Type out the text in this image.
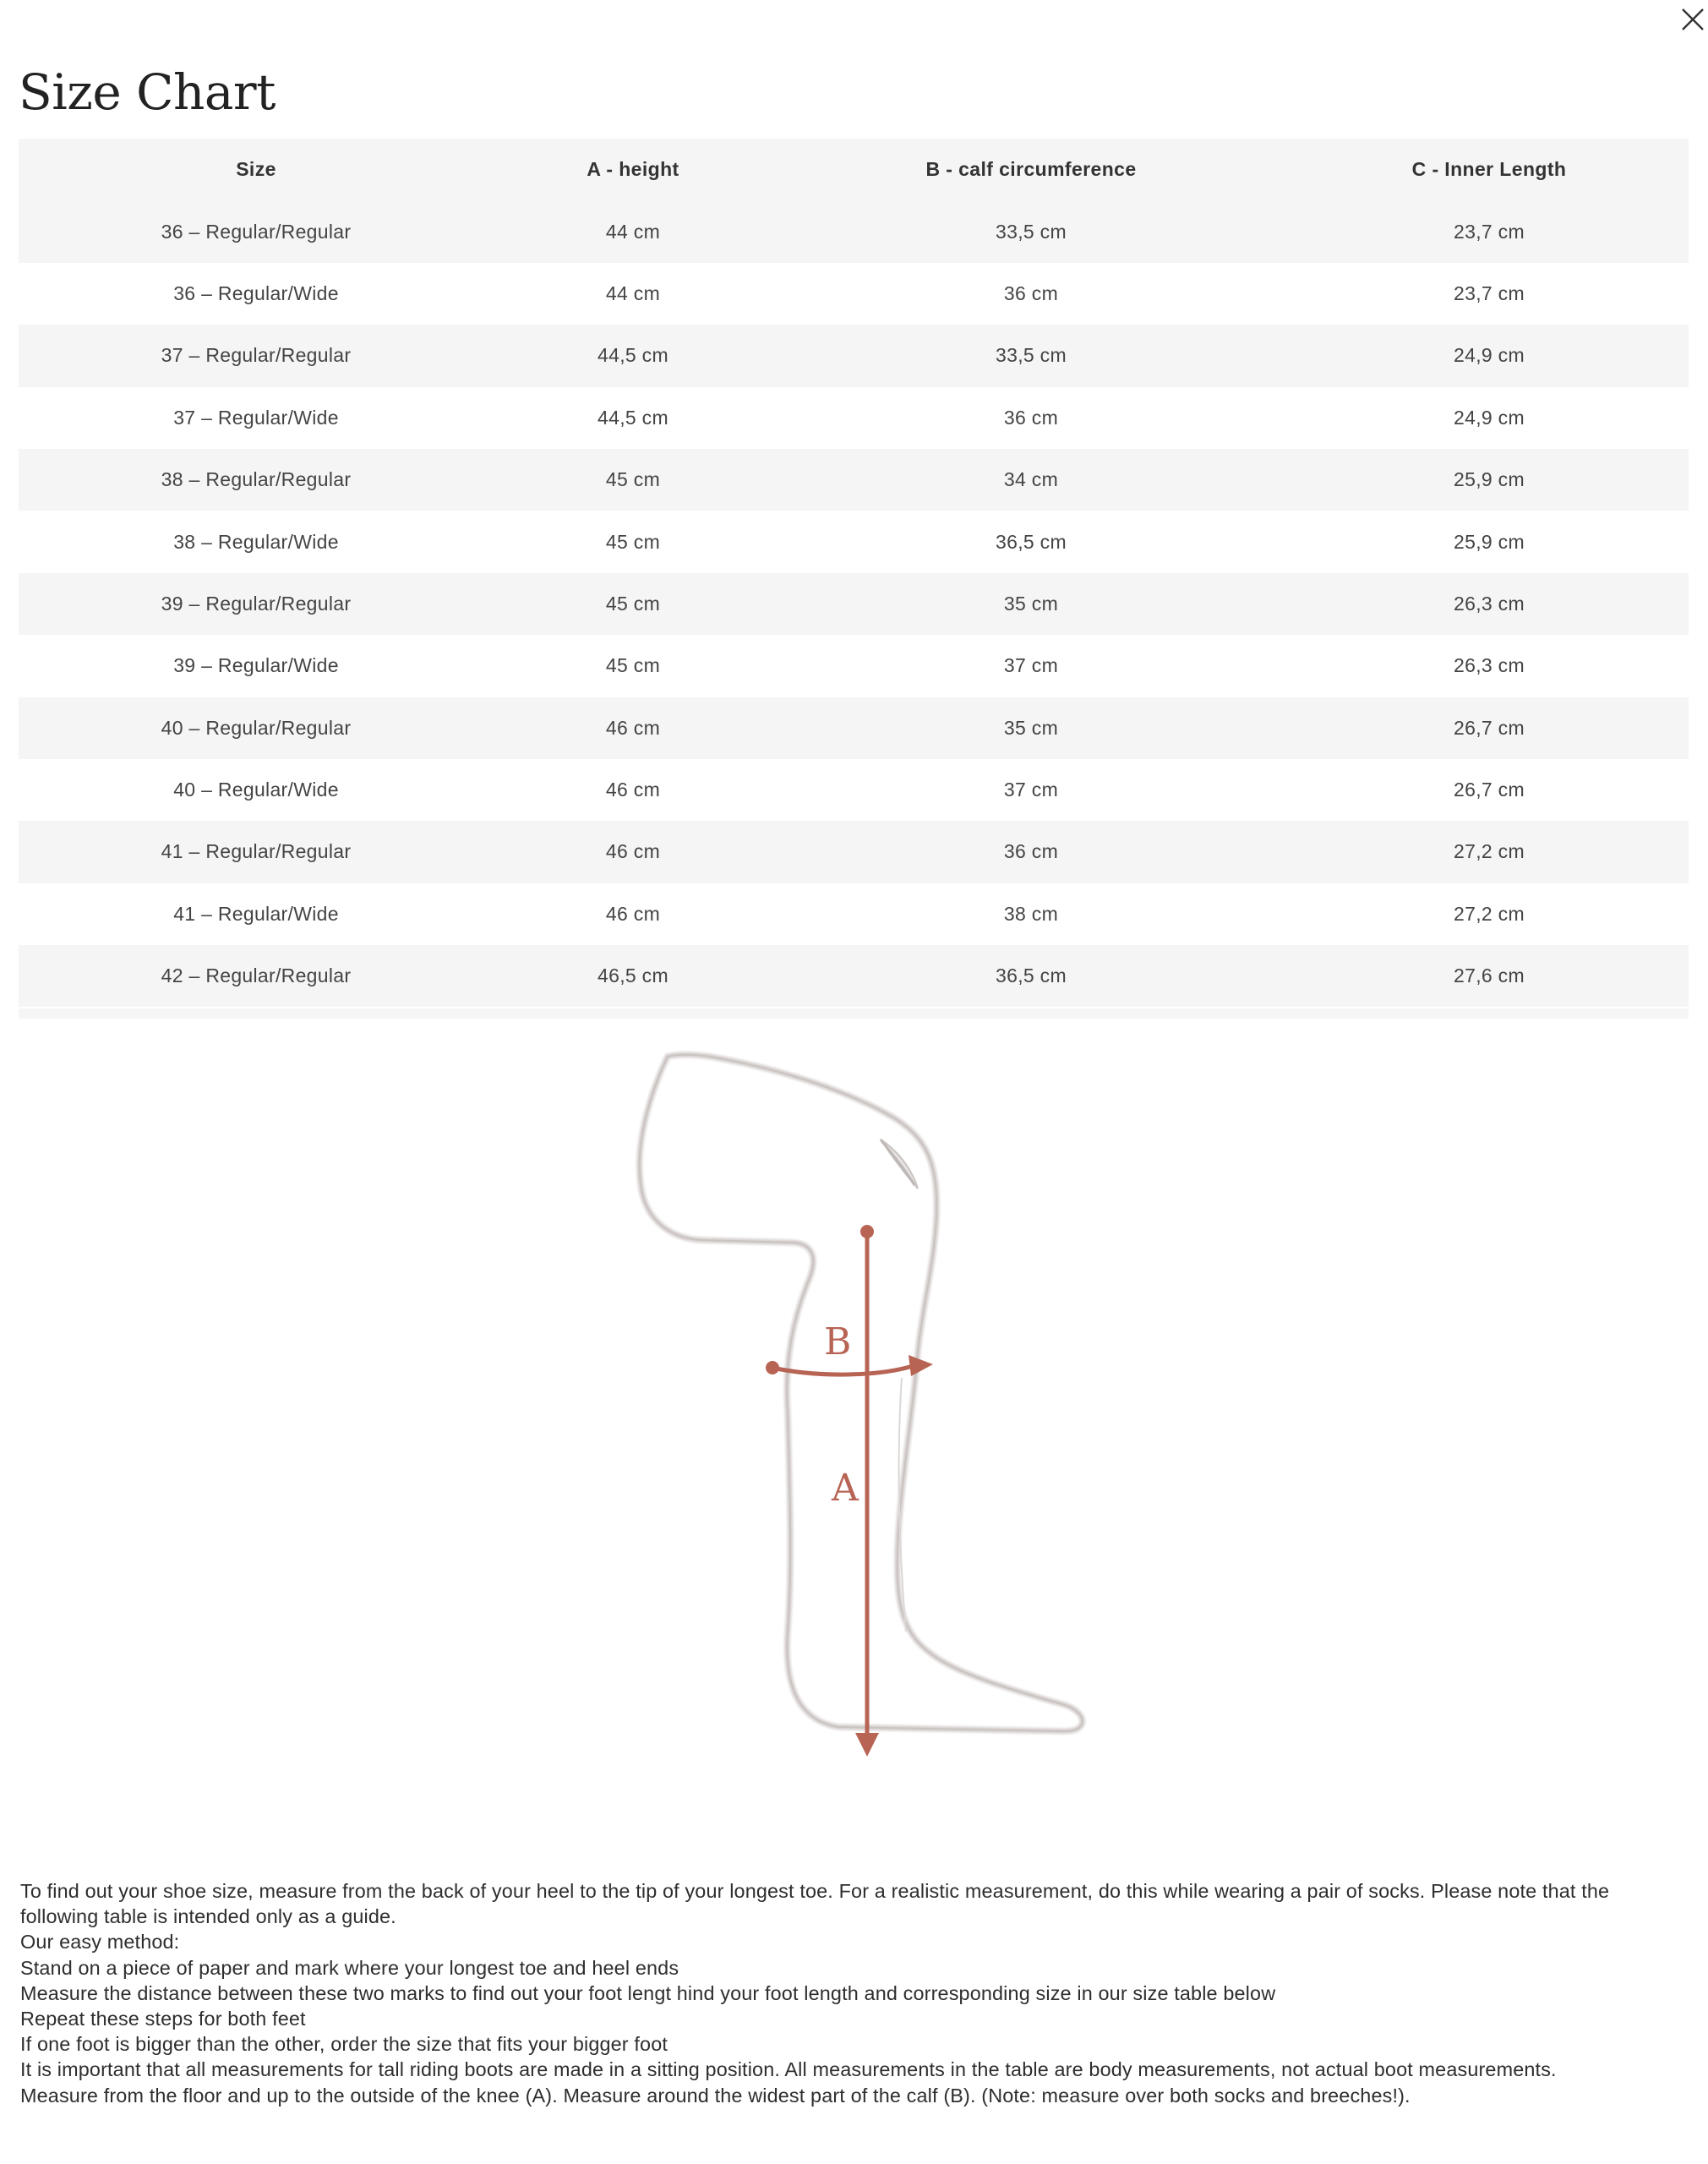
Size Chart
Size	A - height	B - calf circumference	C - Inner Length
36 – Regular/Regular	44 cm	33,5 cm	23,7 cm
36 – Regular/Wide	44 cm	36 cm	23,7 cm
37 – Regular/Regular	44,5 cm	33,5 cm	24,9 cm
37 – Regular/Wide	44,5 cm	36 cm	24,9 cm
38 – Regular/Regular	45 cm	34 cm	25,9 cm
38 – Regular/Wide	45 cm	36,5 cm	25,9 cm
39 – Regular/Regular	45 cm	35 cm	26,3 cm
39 – Regular/Wide	45 cm	37 cm	26,3 cm
40 – Regular/Regular	46 cm	35 cm	26,7 cm
40 – Regular/Wide	46 cm	37 cm	26,7 cm
41 – Regular/Regular	46 cm	36 cm	27,2 cm
41 – Regular/Wide	46 cm	38 cm	27,2 cm
42 – Regular/Regular	46,5 cm	36,5 cm	27,6 cm
A
B

To find out your shoe size, measure from the back of your heel to the tip of your longest toe. For a realistic measurement, do this while wearing a pair of socks. Please note that the following table is intended only as a guide.

Our easy method:

Stand on a piece of paper and mark where your longest toe and heel ends

Measure the distance between these two marks to find out your foot lengt hind your foot length and corresponding size in our size table below

Repeat these steps for both feet

If one foot is bigger than the other, order the size that fits your bigger foot

It is important that all measurements for tall riding boots are made in a sitting position. All measurements in the table are body measurements, not actual boot measurements.

Measure from the floor and up to the outside of the knee (A). Measure around the widest part of the calf (B). (Note: measure over both socks and breeches!).
